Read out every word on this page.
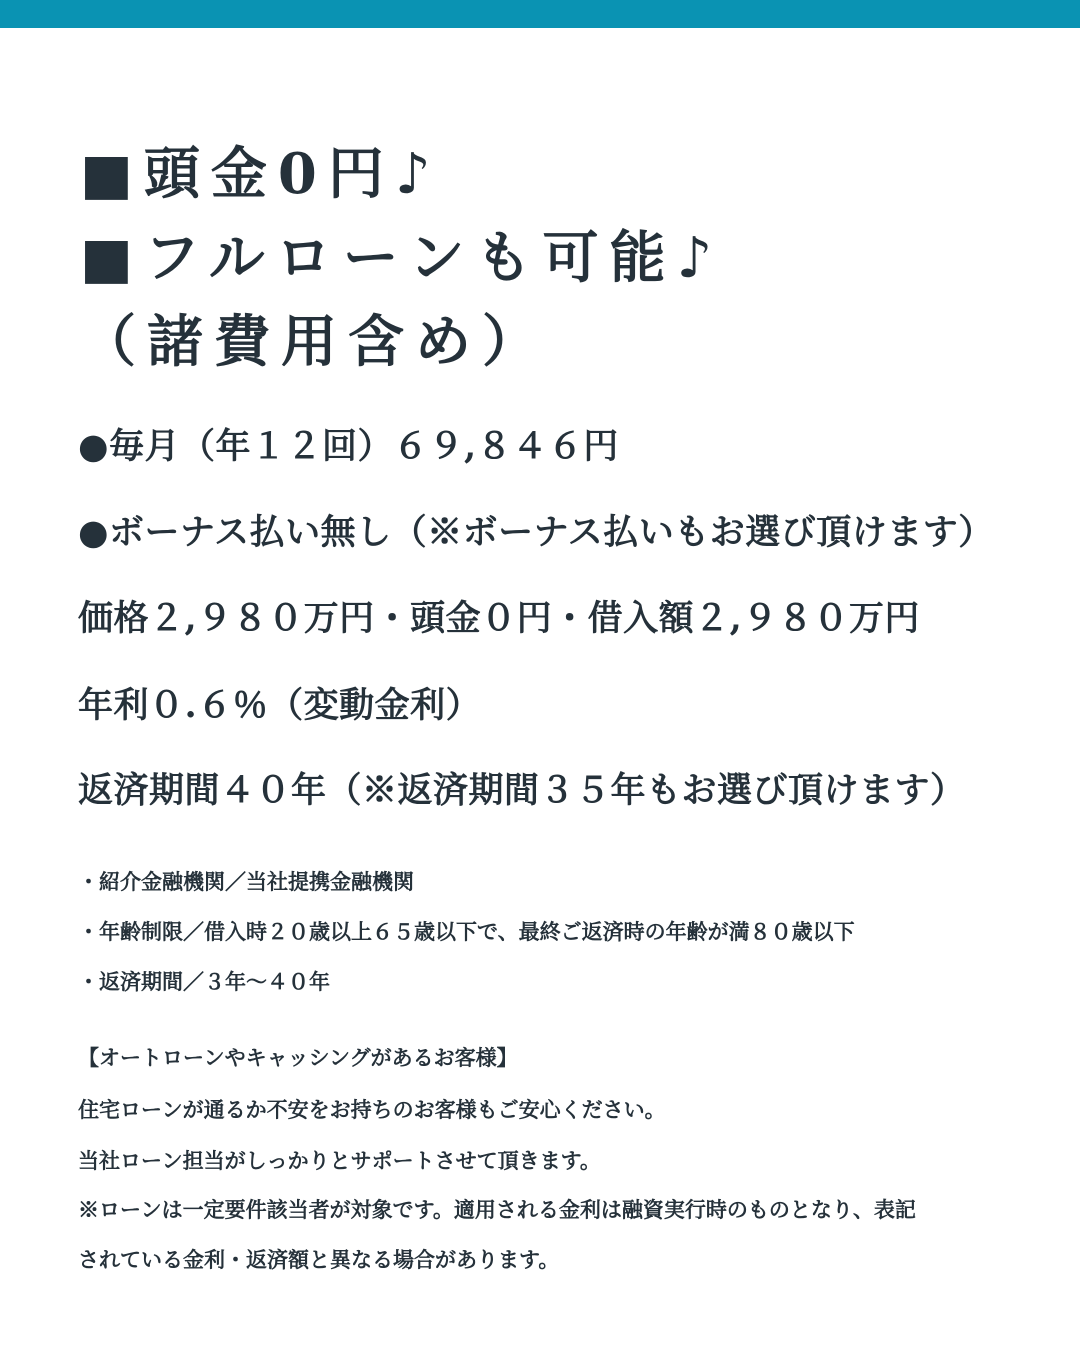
■頭金0円♪
■フルローンも可能♪
（諸費用含め）
●毎月（年１２回）６９,８４６円
●ボーナス払い無し（※ボーナス払いもお選び頂けます）
価格２,９８０万円・頭金０円・借入額２,９８０万円
年利０.６％（変動金利）
返済期間４０年（※返済期間３５年もお選び頂けます）
・紹介金融機関／当社提携金融機関
・年齢制限／借入時２０歳以上６５歳以下で、最終ご返済時の年齢が満８０歳以下
・返済期間／３年～４０年
【オートローンやキャッシングがあるお客様】
住宅ローンが通るか不安をお持ちのお客様もご安心ください。
当社ローン担当がしっかりとサポートさせて頂きます。
※ローンは一定要件該当者が対象です。適用される金利は融資実行時のものとなり、表記
されている金利・返済額と異なる場合があります。
